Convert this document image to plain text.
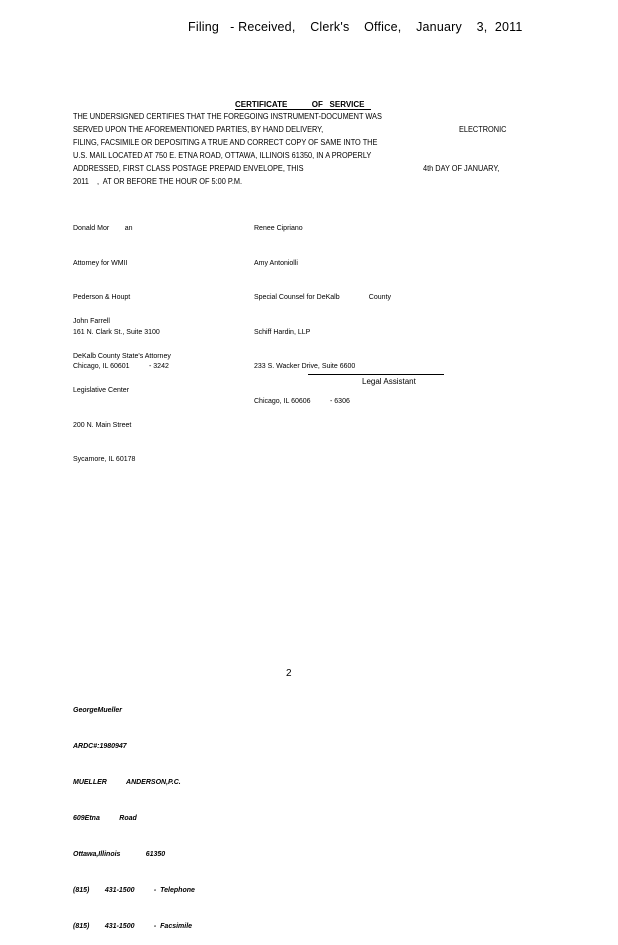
Filing   - Received,    Clerk's    Office,    January    3,  2011
CERTIFICATE           OF   SERVICE
THE UNDERSIGNED CERTIFIES THAT THE FOREGOING INSTRUMENT-DOCUMENT WAS
SERVED UPON THE AFOREMENTIONED PARTIES, BY HAND DELIVERY,	ELECTRONIC
FILING, FACSIMILE OR DEPOSITING A TRUE AND CORRECT COPY OF SAME INTO THE
U.S. MAIL LOCATED AT 750 E. ETNA ROAD, OTTAWA, ILLINOIS 61350, IN A PROPERLY
ADDRESSED, FIRST CLASS POSTAGE PREPAID ENVELOPE, THIS	4th DAY OF JANUARY,
2011    ,  AT OR BEFORE THE HOUR OF 5:00 P.M.

Donald Mor        an

Attorney for WMII

Pederson & Houpt

161 N. Clark St., Suite 3100

Chicago, IL 60601          - 3242

Renee Cipriano

Amy Antoniolli

Special Counsel for DeKalb               County

Schiff Hardin, LLP

233 S. Wacker Drive, Suite 6600

Chicago, IL 60606          - 6306

John Farrell

DeKalb County State's Attorney

Legislative Center

200 N. Main Street

Sycamore, IL 60178

Legal Assistant
2

GeorgeMueller

ARDC#:1980947

MUELLER          ANDERSON,P.C.

609Etna          Road

Ottawa,Illinois             61350

(815)        431-1500          -  Telephone

(815)        431-1500          -  Facsimile
